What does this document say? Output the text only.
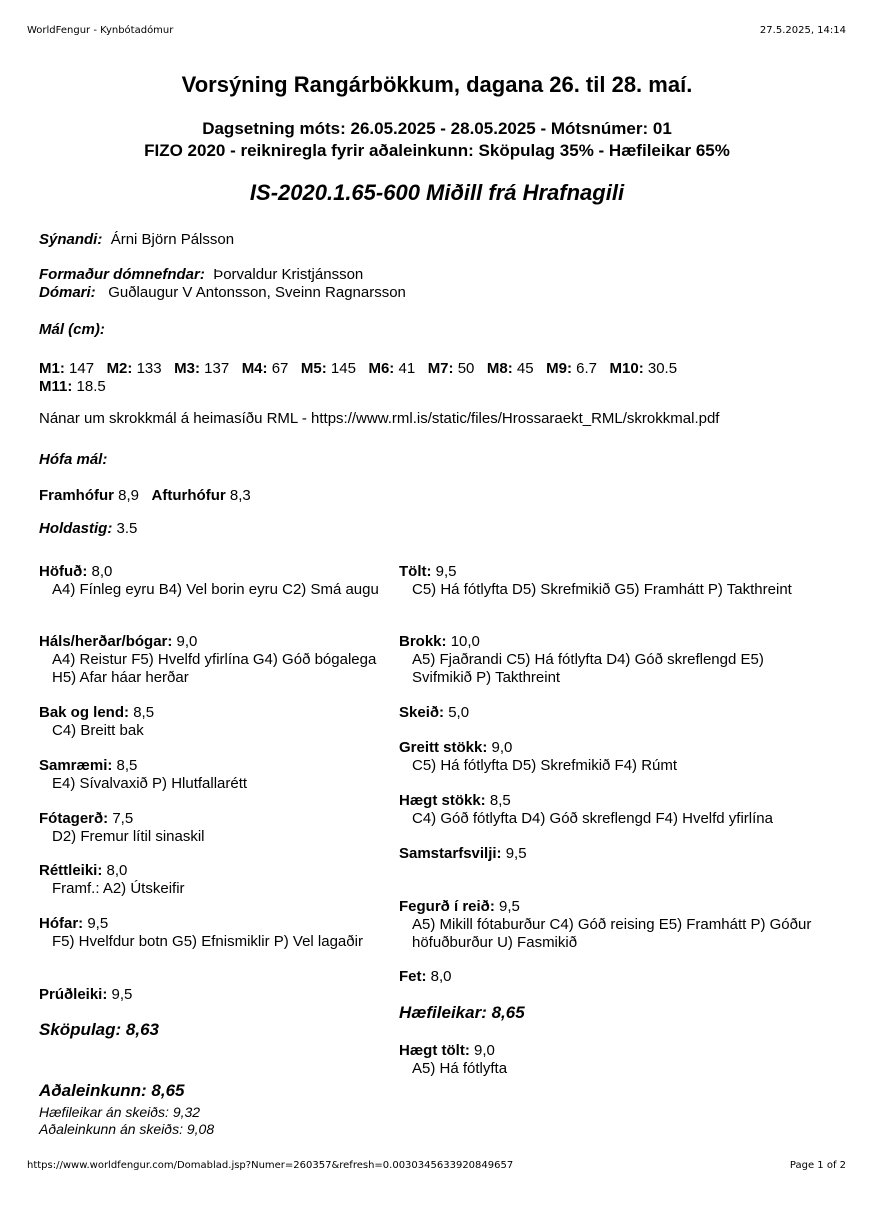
WorldFengur - Kynbótadómur	27.5.2025, 14:14
Vorsýning Rangárbökkum, dagana 26. til 28. maí.
Dagsetning móts: 26.05.2025 - 28.05.2025 - Mótsnúmer: 01
FIZO 2020 - reikniregla fyrir aðaleinkunn: Sköpulag 35% - Hæfileikar 65%
IS-2020.1.65-600 Miðill frá Hrafnagili
Sýnandi: Árni Björn Pálsson
Formaður dómnefndar: Þorvaldur Kristjánsson
Dómari: Guðlaugur V Antonsson, Sveinn Ragnarsson
Mál (cm):
M1: 147 M2: 133 M3: 137 M4: 67 M5: 145 M6: 41 M7: 50 M8: 45 M9: 6.7 M10: 30.5
M11: 18.5
Nánar um skrokkmál á heimasíðu RML - https://www.rml.is/static/files/Hrossaraekt_RML/skrokkmal.pdf
Hófa mál:
Framhófur 8,9 Afturhófur 8,3
Holdastig: 3.5
Höfuð: 8,0
A4) Fínleg eyru B4) Vel borin eyru C2) Smá augu
Háls/herðar/bógar: 9,0
A4) Reistur F5) Hvelfd yfirlína G4) Góð bógalega H5) Afar háar herðar
Bak og lend: 8,5
C4) Breitt bak
Samræmi: 8,5
E4) Sívalvaxið P) Hlutfallarétt
Fótagerð: 7,5
D2) Fremur lítil sinaskil
Réttleiki: 8,0
Framf.: A2) Útskeifir
Hófar: 9,5
F5) Hvelfdur botn G5) Efnismiklir P) Vel lagaðir
Prúðleiki: 9,5
Sköpulag: 8,63
Aðaleinkunn: 8,65
Hæfileikar án skeiðs: 9,32
Aðaleinkunn án skeiðs: 9,08
Tölt: 9,5
C5) Há fótlyfta D5) Skrefmikið G5) Framhátt P) Takthreint
Brokk: 10,0
A5) Fjaðrandi C5) Há fótlyfta D4) Góð skreflengd E5) Svifmikið P) Takthreint
Skeið: 5,0
Greitt stökk: 9,0
C5) Há fótlyfta D5) Skrefmikið F4) Rúmt
Hægt stökk: 8,5
C4) Góð fótlyfta D4) Góð skreflengd F4) Hvelfd yfirlína
Samstarfsvilji: 9,5
Fegurð í reið: 9,5
A5) Mikill fótaburður C4) Góð reising E5) Framhátt P) Góður höfuðburður U) Fasmikið
Fet: 8,0
Hæfileikar: 8,65
Hægt tölt: 9,0
A5) Há fótlyfta
https://www.worldfengur.com/Domablad.jsp?Numer=260357&refresh=0.0030345633920849657	Page 1 of 2
